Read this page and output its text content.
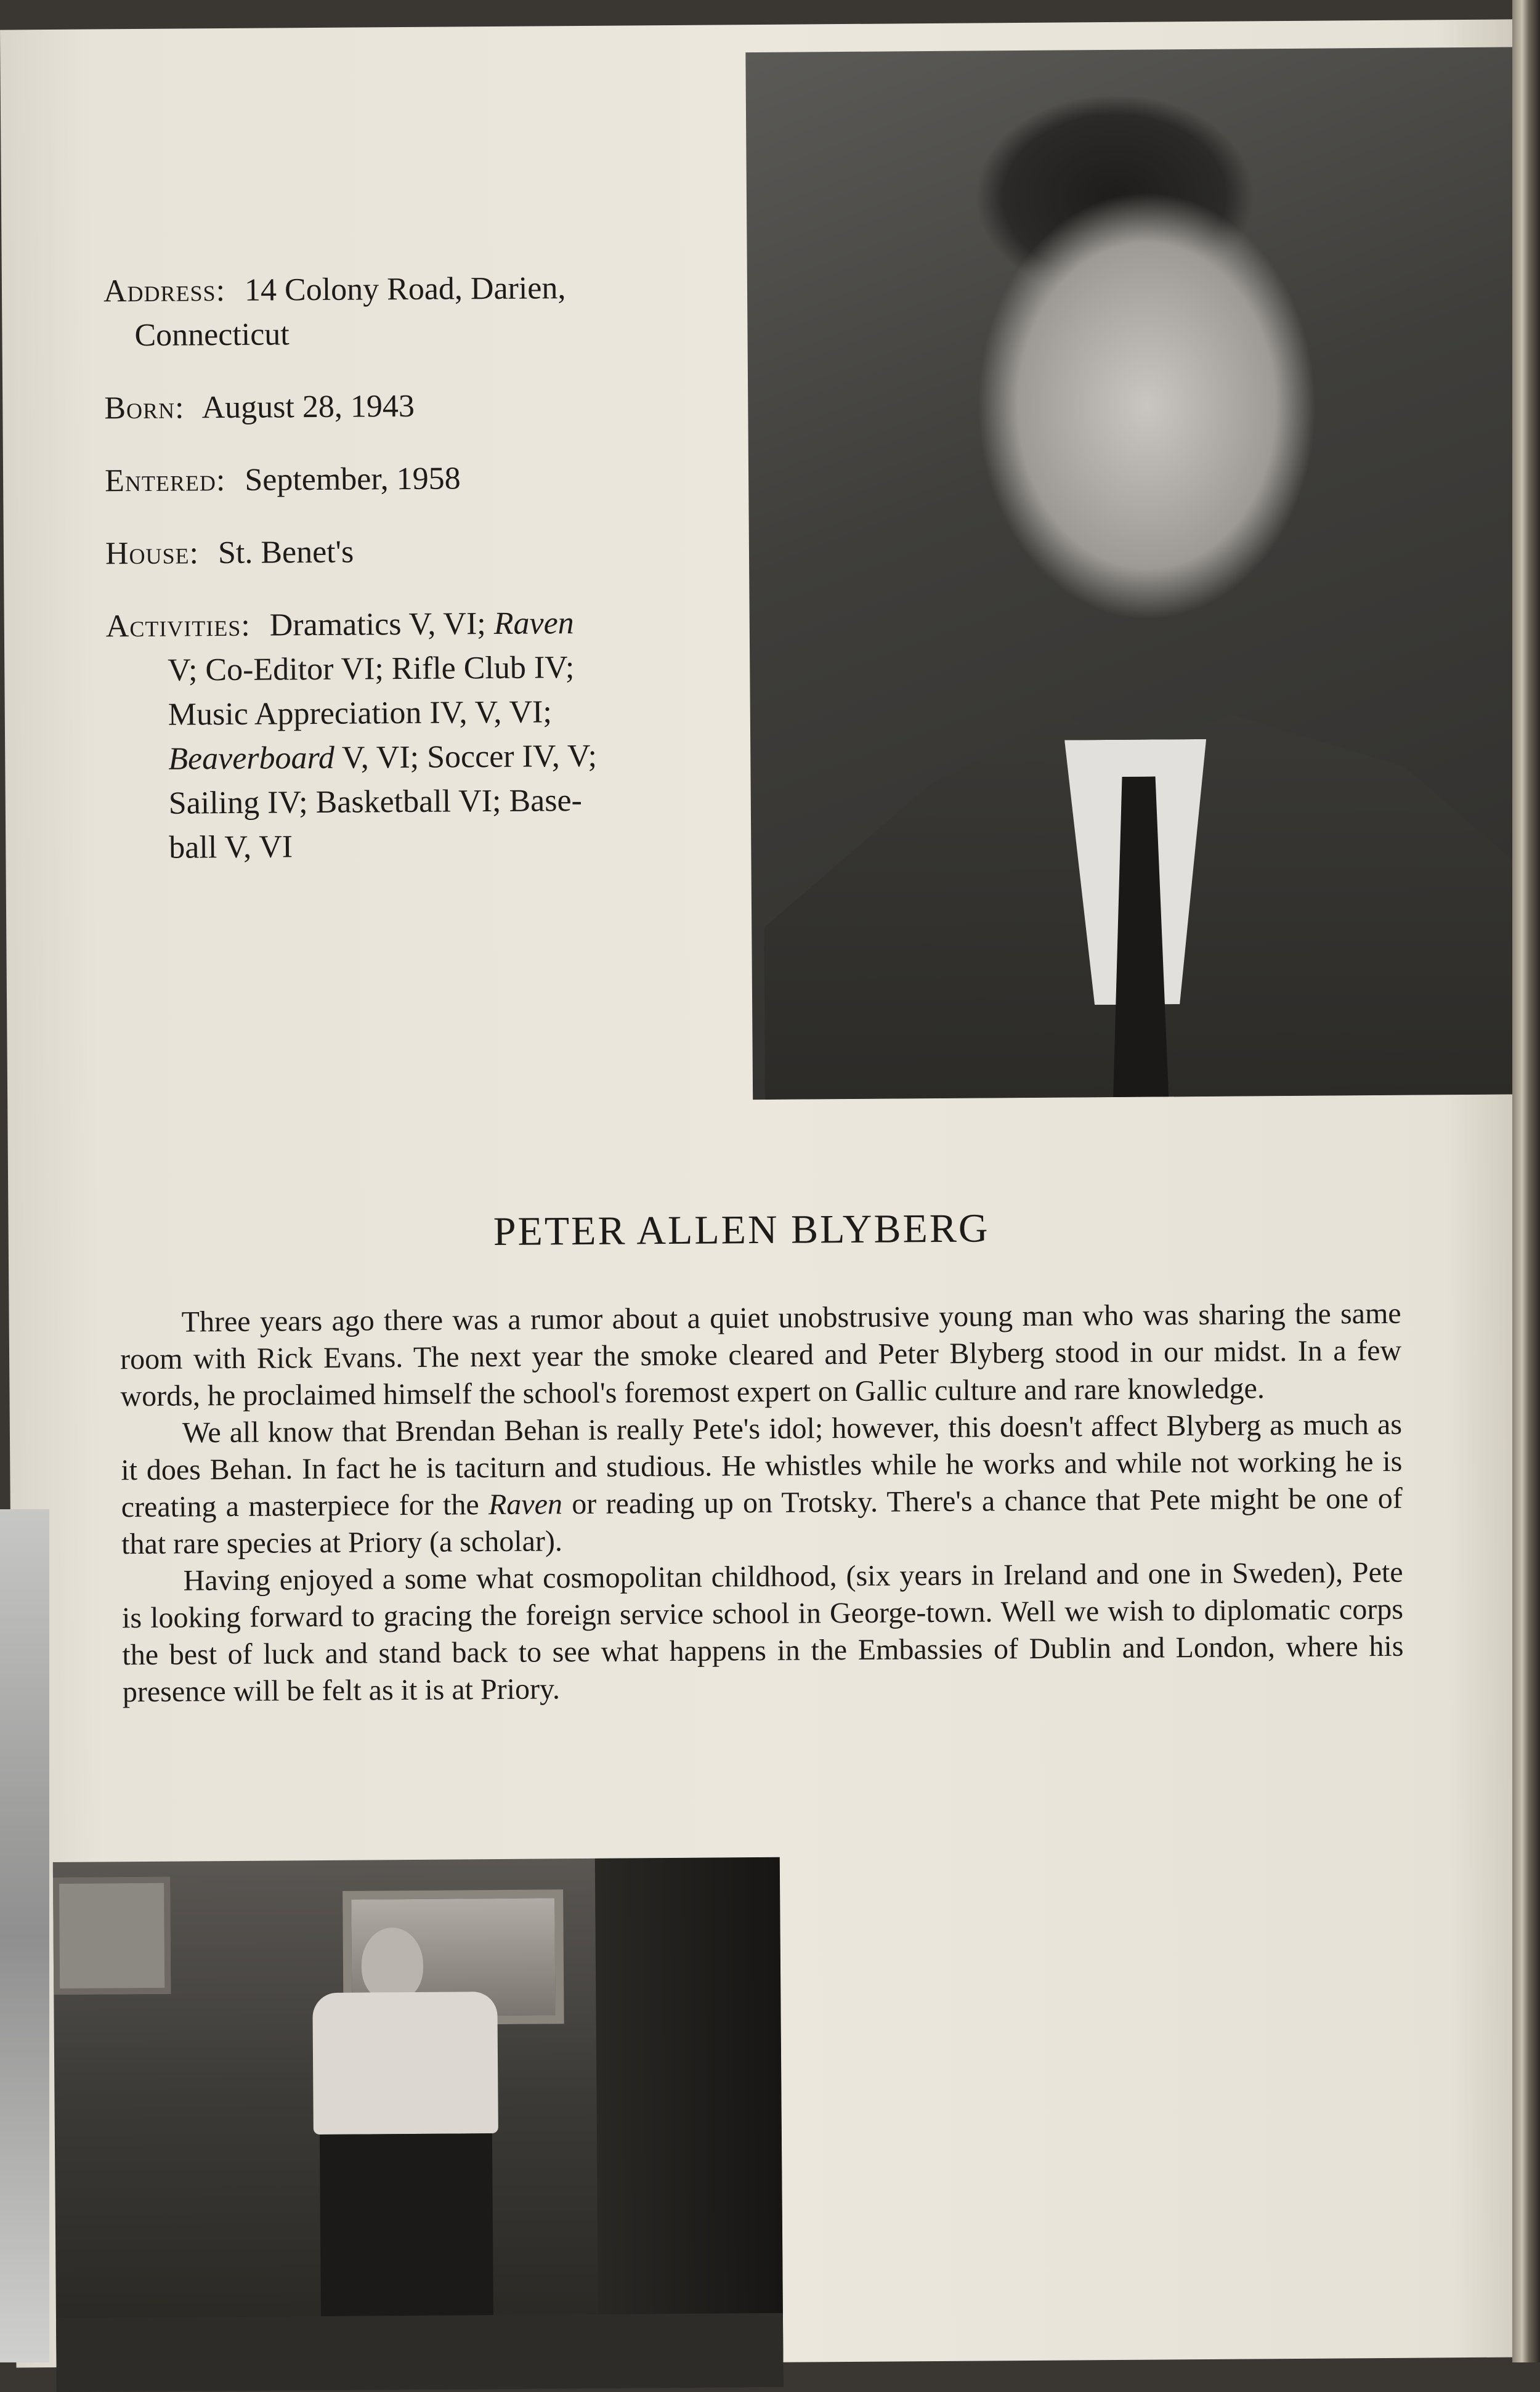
Address: 14 Colony Road, Darien,
Connecticut
Born: August 28, 1943
Entered: September, 1958
House: St. Benet's
Activities: Dramatics V, VI; Raven
V; Co-Editor VI; Rifle Club IV;
Music Appreciation IV, V, VI;
Beaverboard V, VI; Soccer IV, V;
Sailing IV; Basketball VI; Base-
ball V, VI
PETER ALLEN BLYBERG

Three years ago there was a rumor about a quiet unobstrusive young man who was sharing the same room with Rick Evans. The next year the smoke cleared and Peter Blyberg stood in our midst. In a few words, he proclaimed himself the school's foremost expert on Gallic culture and rare knowledge.

We all know that Brendan Behan is really Pete's idol; however, this doesn't affect Blyberg as much as it does Behan. In fact he is taciturn and studious. He whistles while he works and while not working he is creating a masterpiece for the Raven or reading up on Trotsky. There's a chance that Pete might be one of that rare species at Priory (a scholar).

Having enjoyed a some what cosmopolitan childhood, (six years in Ireland and one in Sweden), Pete is looking forward to gracing the foreign service school in George-town. Well we wish to diplomatic corps the best of luck and stand back to see what happens in the Embassies of Dublin and London, where his presence will be felt as it is at Priory.
